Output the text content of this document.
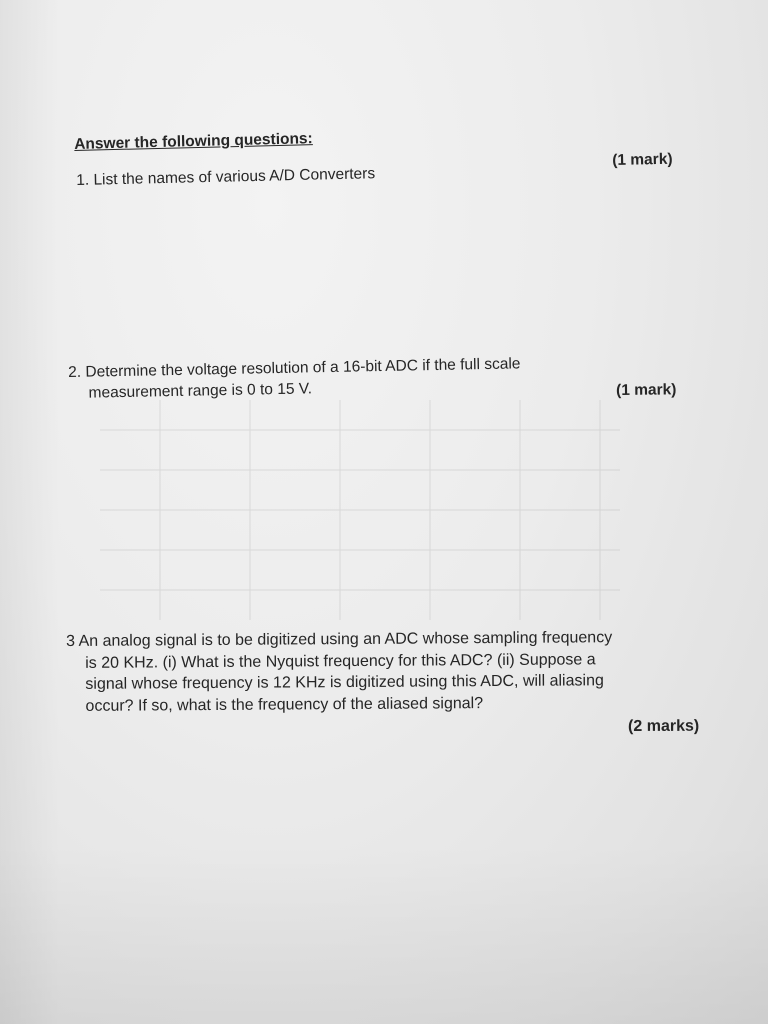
Answer the following questions:
1. List the names of various A/D Converters
(1 mark)
2. Determine the voltage resolution of a 16-bit ADC if the full scale
measurement range is 0 to 15 V.	(1 mark)
3 An analog signal is to be digitized using an ADC whose sampling frequency
is 20 KHz. (i) What is the Nyquist frequency for this ADC? (ii) Suppose a
signal whose frequency is 12 KHz is digitized using this ADC, will aliasing
occur? If so, what is the frequency of the aliased signal?
(2 marks)
